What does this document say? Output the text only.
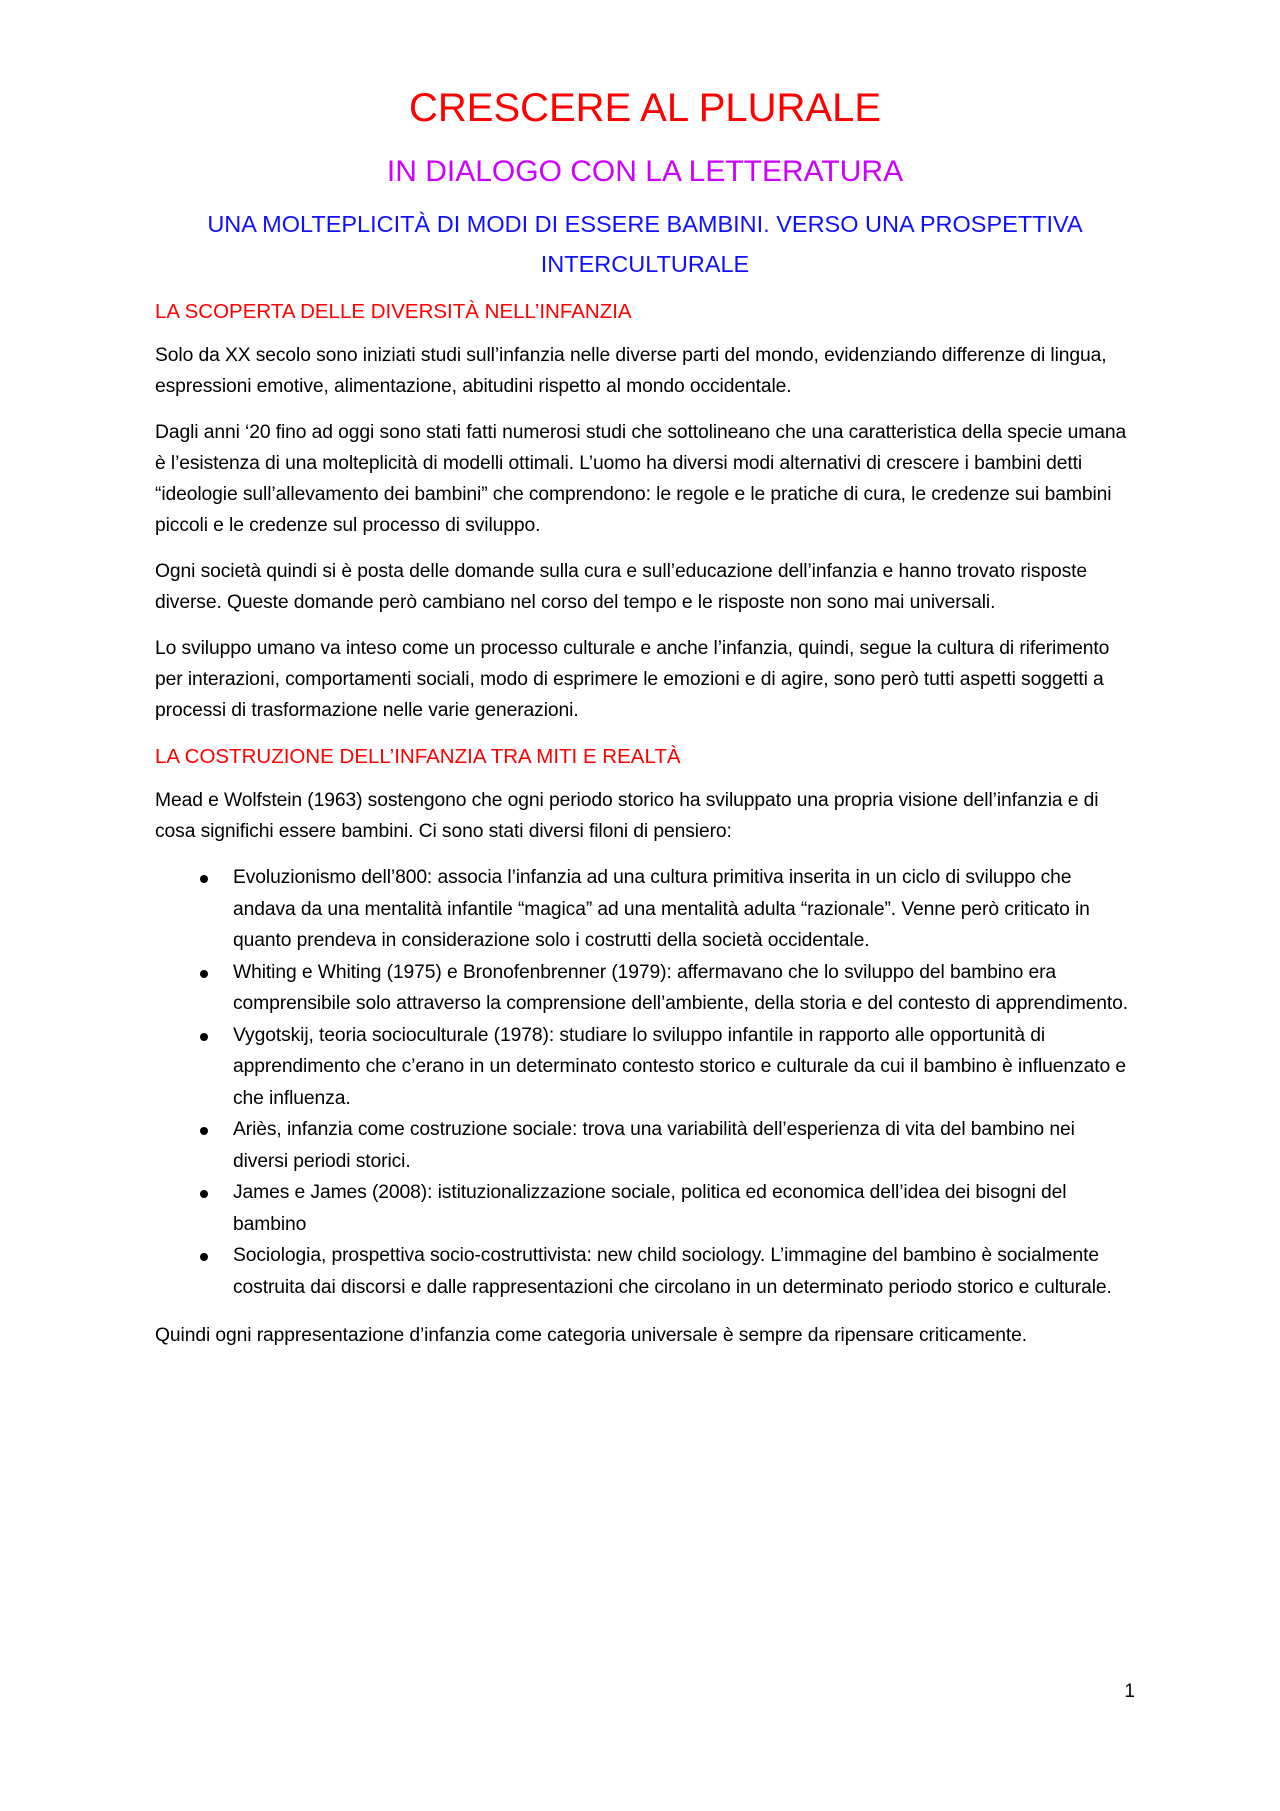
CRESCERE AL PLURALE
IN DIALOGO CON LA LETTERATURA
UNA MOLTEPLICITÀ DI MODI DI ESSERE BAMBINI. VERSO UNA PROSPETTIVA INTERCULTURALE
LA SCOPERTA DELLE DIVERSITÀ NELL’INFANZIA

Solo da XX secolo sono iniziati studi sull’infanzia nelle diverse parti del mondo, evidenziando differenze di lingua, espressioni emotive, alimentazione, abitudini rispetto al mondo occidentale.

Dagli anni ‘20 fino ad oggi sono stati fatti numerosi studi che sottolineano che una caratteristica della specie umana è l’esistenza di una molteplicità di modelli ottimali. L’uomo ha diversi modi alternativi di crescere i bambini detti “ideologie sull’allevamento dei bambini” che comprendono: le regole e le pratiche di cura, le credenze sui bambini piccoli e le credenze sul processo di sviluppo.

Ogni società quindi si è posta delle domande sulla cura e sull’educazione dell’infanzia e hanno trovato risposte diverse. Queste domande però cambiano nel corso del tempo e le risposte non sono mai universali.

Lo sviluppo umano va inteso come un processo culturale e anche l’infanzia, quindi, segue la cultura di riferimento per interazioni, comportamenti sociali, modo di esprimere le emozioni e di agire, sono però tutti aspetti soggetti a processi di trasformazione nelle varie generazioni.

LA COSTRUZIONE DELL’INFANZIA TRA MITI E REALTÀ

Mead e Wolfstein (1963) sostengono che ogni periodo storico ha sviluppato una propria visione dell’infanzia e di cosa significhi essere bambini. Ci sono stati diversi filoni di pensiero:

Evoluzionismo dell’800: associa l’infanzia ad una cultura primitiva inserita in un ciclo di sviluppo che andava da una mentalità infantile “magica” ad una mentalità adulta “razionale”. Venne però criticato in quanto prendeva in considerazione solo i costrutti della società occidentale.
Whiting e Whiting (1975) e Bronofenbrenner (1979): affermavano che lo sviluppo del bambino era comprensibile solo attraverso la comprensione dell’ambiente, della storia e del contesto di apprendimento.
Vygotskij, teoria socioculturale (1978): studiare lo sviluppo infantile in rapporto alle opportunità di apprendimento che c’erano in un determinato contesto storico e culturale da cui il bambino è influenzato e che influenza.
Ariès, infanzia come costruzione sociale: trova una variabilità dell’esperienza di vita del bambino nei diversi periodi storici.
James e James (2008): istituzionalizzazione sociale, politica ed economica dell’idea dei bisogni del bambino
Sociologia, prospettiva socio-costruttivista: new child sociology. L’immagine del bambino è socialmente costruita dai discorsi e dalle rappresentazioni che circolano in un determinato periodo storico e culturale.

Quindi ogni rappresentazione d’infanzia come categoria universale è sempre da ripensare criticamente.

1
